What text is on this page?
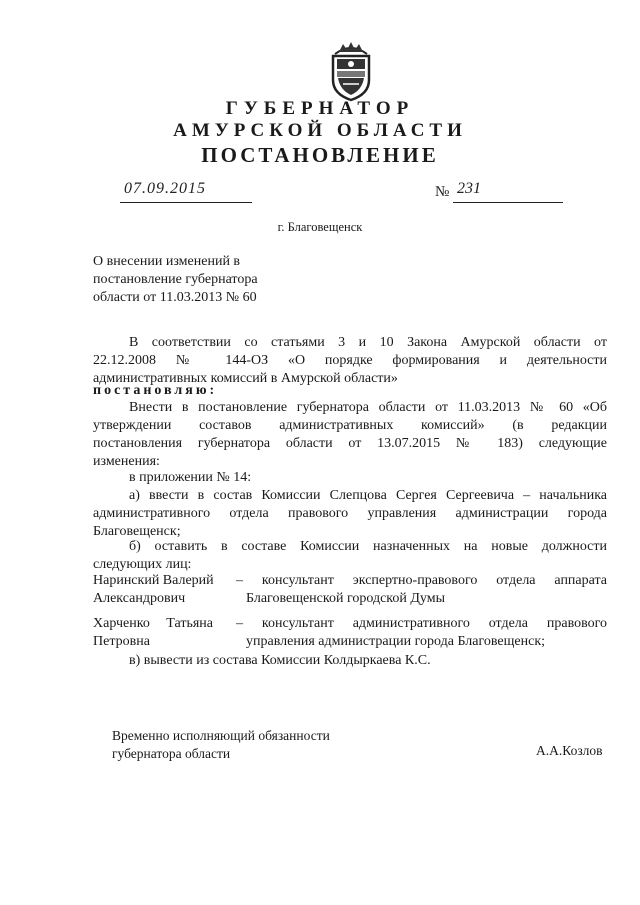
ГУБЕРНАТОР
АМУРСКОЙ ОБЛАСТИ
ПОСТАНОВЛЕНИЕ
07.09.2015	№ 231
г. Благовещенск
О внесении изменений в
постановление губернатора
области от 11.03.2013 № 60
В соответствии со статьями 3 и 10 Закона Амурской области от
22.12.2008 № 144-ОЗ «О порядке формирования и деятельности
административных комиссий в Амурской области»
постановляю:
Внести в постановление губернатора области от 11.03.2013 № 60 «Об
утверждении составов административных комиссий» (в редакции
постановления губернатора области от 13.07.2015 № 183) следующие
изменения:
в приложении № 14:
а) ввести в состав Комиссии Слепцова Сергея Сергеевича – начальника
административного отдела правового управления администрации города
Благовещенск;
б) оставить в составе Комиссии назначенных на новые должности
следующих лиц:
Наринский Валерий
Александрович
– консультант экспертно-правового отдела аппарата
Благовещенской городской Думы
Харченко Татьяна
Петровна
– консультант административного отдела правового
управления администрации города Благовещенск;
в) вывести из состава Комиссии Колдыркаева К.С.
Временно исполняющий обязанности
губернатора области	А.А.Козлов
